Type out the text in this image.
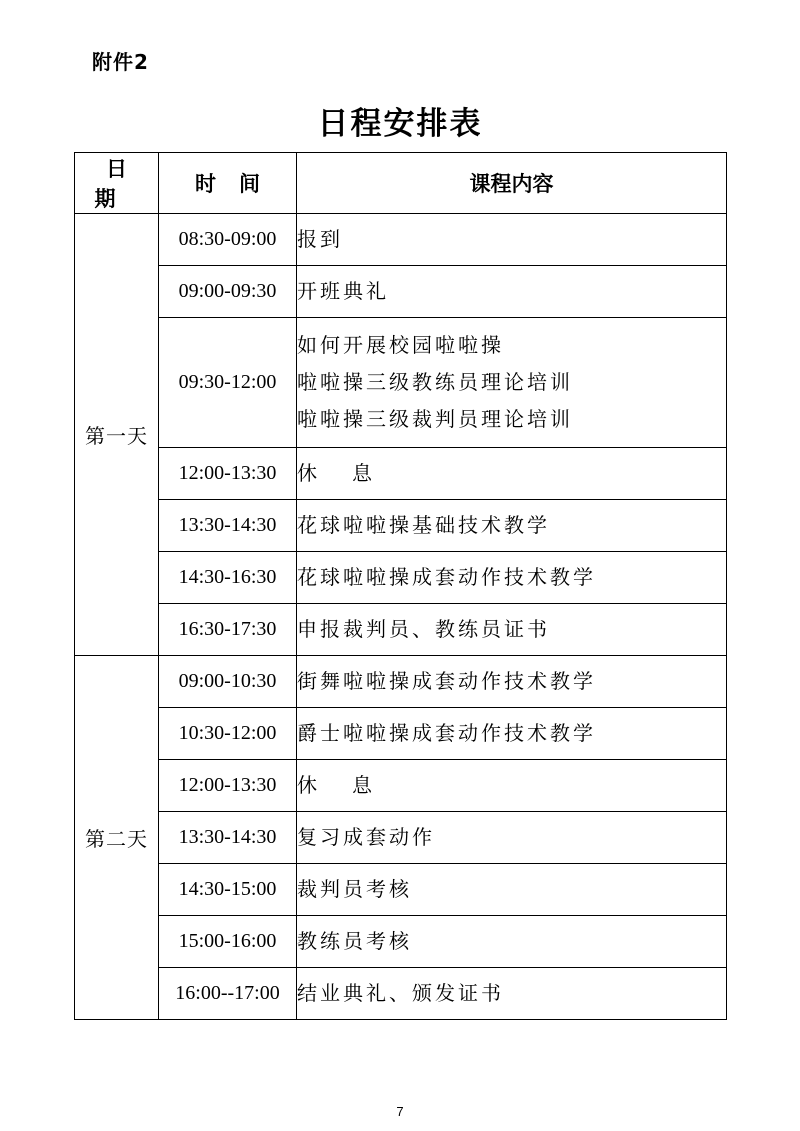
附件2
日程安排表
日期	时间	课程内容
第一天	08:30-09:00	报到

	09:00-09:30	开班典礼

	09:30-12:00	如何开展校园啦啦操
啦啦操三级教练员理论培训
啦啦操三级裁判员理论培训

	12:00-13:30	休 息

	13:30-14:30	花球啦啦操基础技术教学

	14:30-16:30	花球啦啦操成套动作技术教学

	16:30-17:30	申报裁判员、教练员证书

第二天	09:00-10:30	街舞啦啦操成套动作技术教学

	10:30-12:00	爵士啦啦操成套动作技术教学

	12:00-13:30	休 息

	13:30-14:30	复习成套动作

	14:30-15:00	裁判员考核

	15:00-16:00	教练员考核

	16:00--17:00	结业典礼、颁发证书
7
